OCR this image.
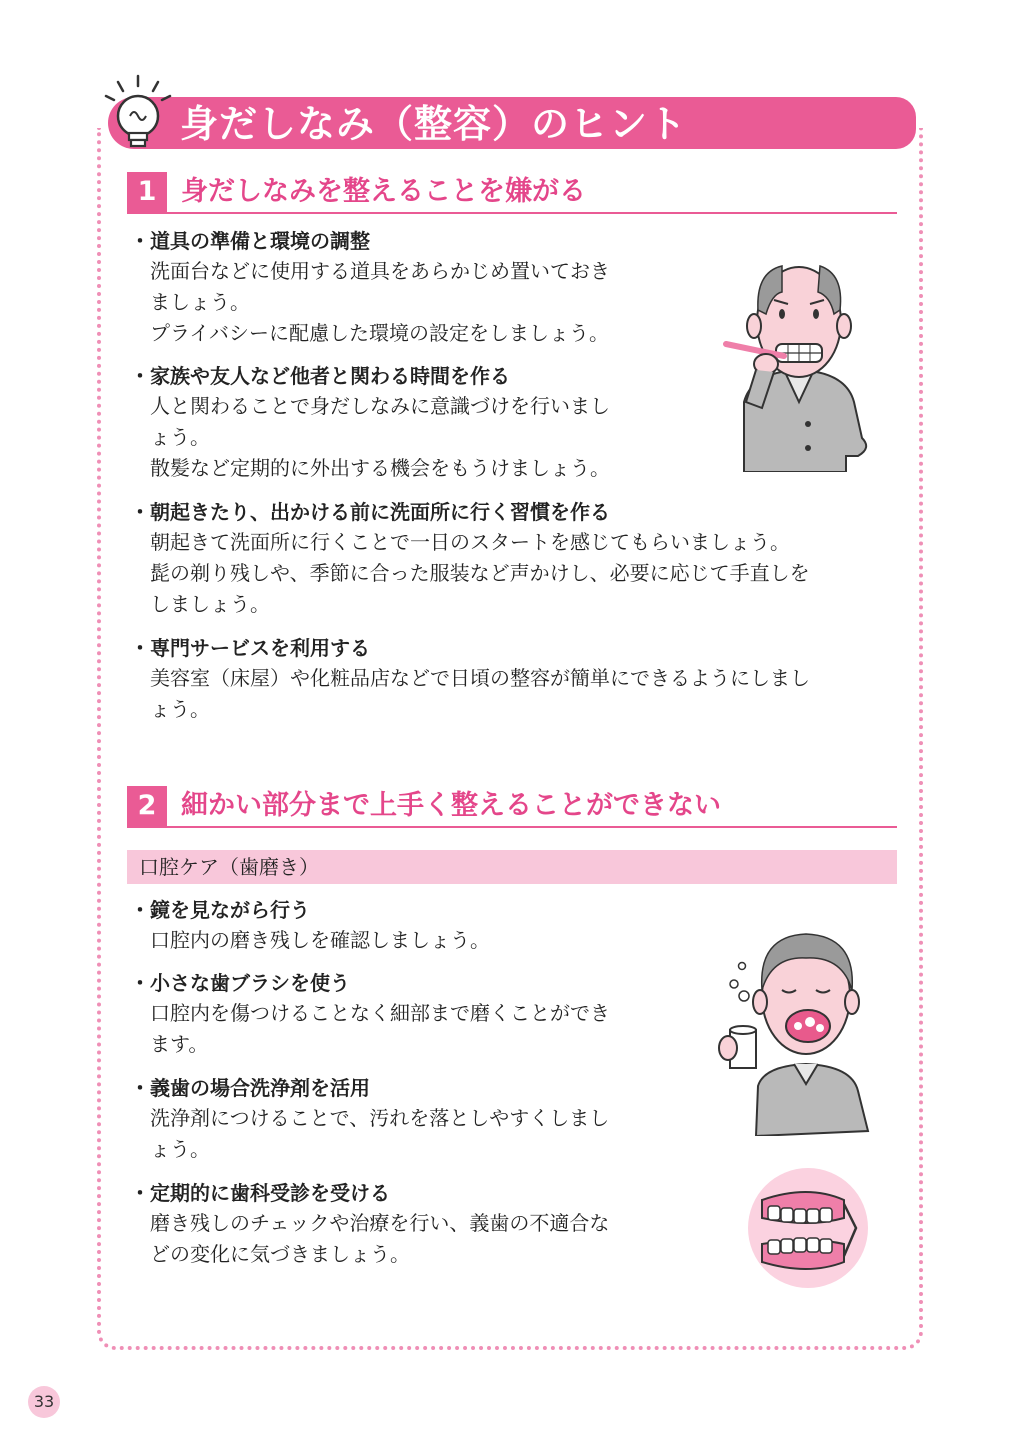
身だしなみ（整容）のヒント
1 身だしなみを整えることを嫌がる
・道具の準備と環境の調整
洗面台などに使用する道具をあらかじめ置いておき
ましょう。
プライバシーに配慮した環境の設定をしましょう。
・家族や友人など他者と関わる時間を作る
人と関わることで身だしなみに意識づけを行いまし
ょう。
散髪など定期的に外出する機会をもうけましょう。
・朝起きたり、出かける前に洗面所に行く習慣を作る
朝起きて洗面所に行くことで一日のスタートを感じてもらいましょう。
髭の剃り残しや、季節に合った服装など声かけし、必要に応じて手直しを
しましょう。
・専門サービスを利用する
美容室（床屋）や化粧品店などで日頃の整容が簡単にできるようにしまし
ょう。
2 細かい部分まで上手く整えることができない
口腔ケア（歯磨き）
・鏡を見ながら行う
口腔内の磨き残しを確認しましょう。
・小さな歯ブラシを使う
口腔内を傷つけることなく細部まで磨くことができ
ます。
・義歯の場合洗浄剤を活用
洗浄剤につけることで、汚れを落としやすくしまし
ょう。
・定期的に歯科受診を受ける
磨き残しのチェックや治療を行い、義歯の不適合な
どの変化に気づきましょう。
33
